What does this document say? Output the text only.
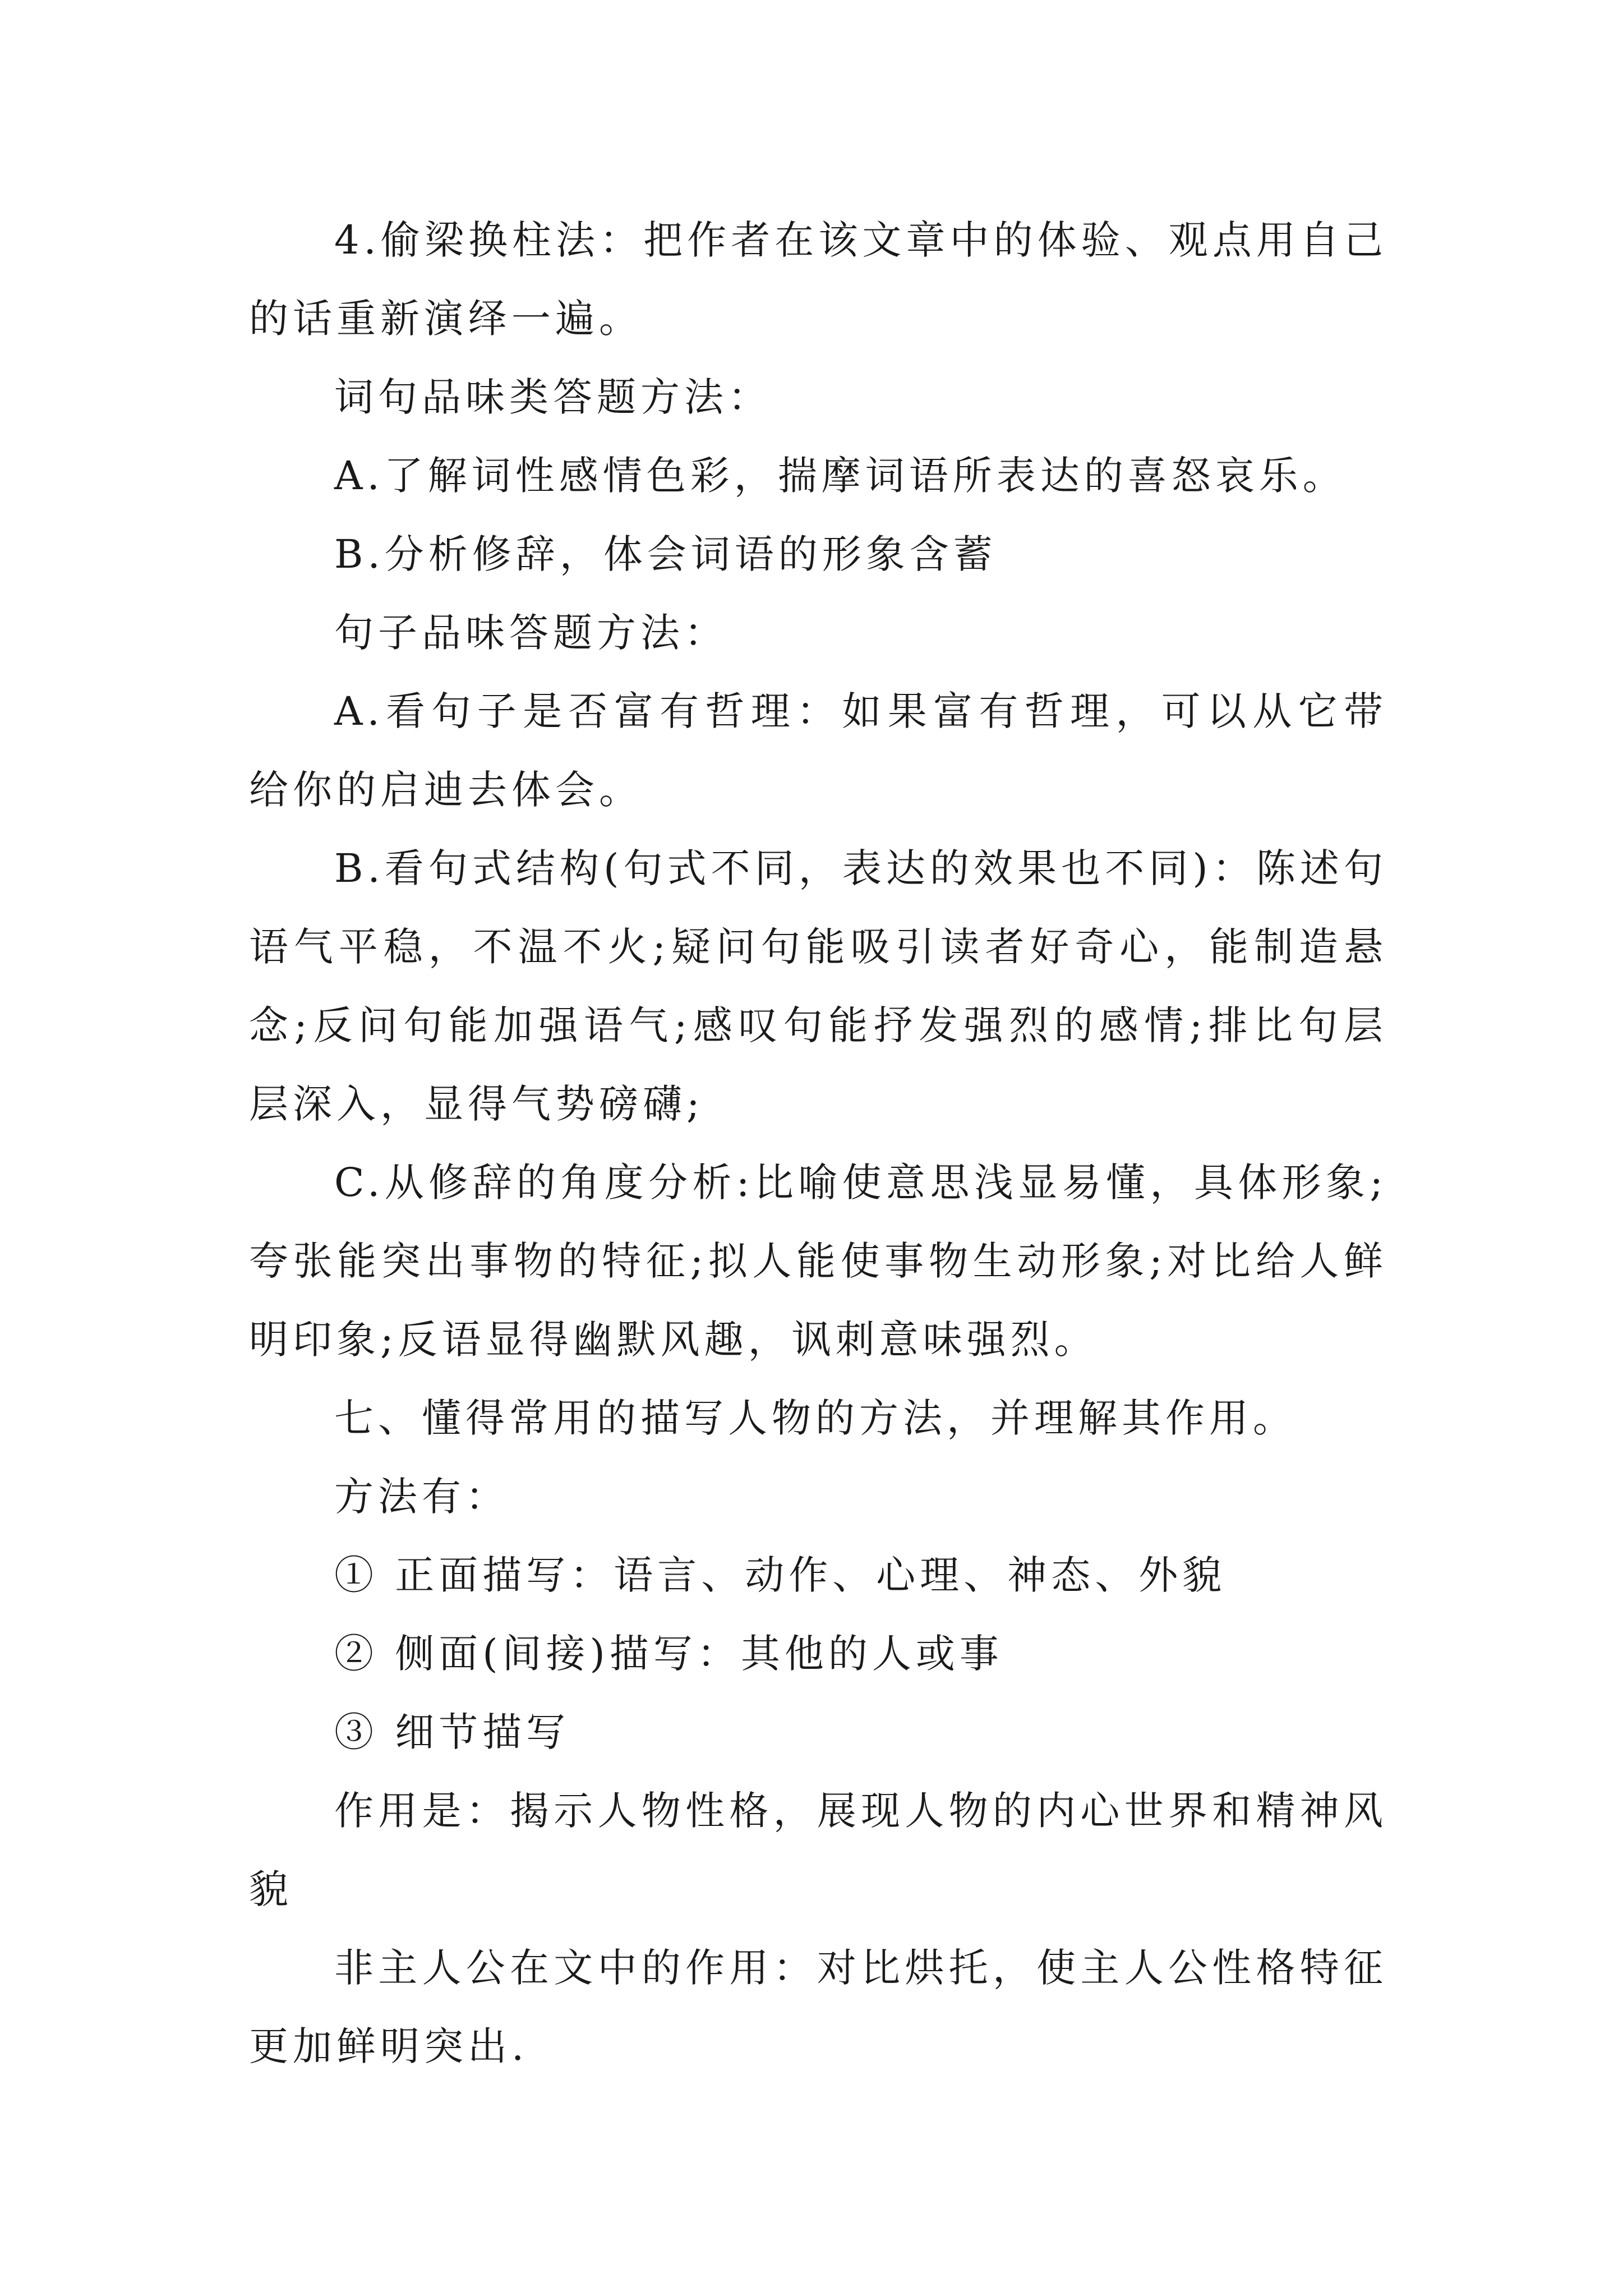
4.偷梁换柱法：把作者在该文章中的体验、观点用自己的话重新演绎一遍。

词句品味类答题方法：

A.了解词性感情色彩，揣摩词语所表达的喜怒哀乐。

B.分析修辞，体会词语的形象含蓄

句子品味答题方法：

A.看句子是否富有哲理：如果富有哲理，可以从它带给你的启迪去体会。

B.看句式结构(句式不同，表达的效果也不同)：陈述句语气平稳，不温不火;疑问句能吸引读者好奇心，能制造悬念;反问句能加强语气;感叹句能抒发强烈的感情;排比句层层深入，显得气势磅礴;

C.从修辞的角度分析:比喻使意思浅显易懂，具体形象;夸张能突出事物的特征;拟人能使事物生动形象;对比给人鲜明印象;反语显得幽默风趣，讽刺意味强烈。

七、懂得常用的描写人物的方法，并理解其作用。

方法有：

① 正面描写：语言、动作、心理、神态、外貌

② 侧面(间接)描写：其他的人或事

③ 细节描写

作用是：揭示人物性格，展现人物的内心世界和精神风貌

非主人公在文中的作用：对比烘托，使主人公性格特征更加鲜明突出.
